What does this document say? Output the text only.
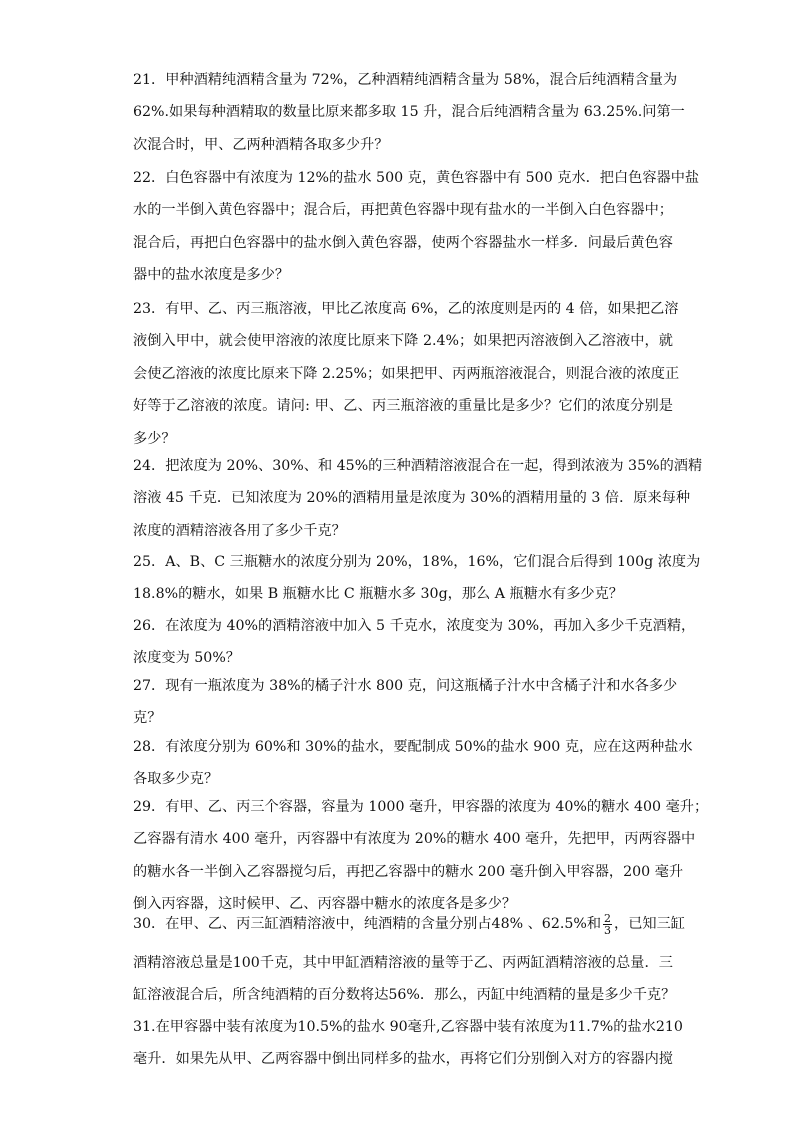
21．甲种酒精纯酒精含量为 72%，乙种酒精纯酒精含量为 58%，混合后纯酒精含量为
62%.如果每种酒精取的数量比原来都多取 15 升，混合后纯酒精含量为 63.25%.问第一
次混合时，甲、乙两种酒精各取多少升？
22．白色容器中有浓度为 12%的盐水 500 克，黄色容器中有 500 克水．把白色容器中盐
水的一半倒入黄色容器中；混合后，再把黄色容器中现有盐水的一半倒入白色容器中；
混合后，再把白色容器中的盐水倒入黄色容器，使两个容器盐水一样多．问最后黄色容
器中的盐水浓度是多少？
23．有甲、乙、丙三瓶溶液，甲比乙浓度高 6%，乙的浓度则是丙的 4 倍，如果把乙溶
液倒入甲中，就会使甲溶液的浓度比原来下降 2.4%；如果把丙溶液倒入乙溶液中，就
会使乙溶液的浓度比原来下降 2.25%；如果把甲、丙两瓶溶液混合，则混合液的浓度正
好等于乙溶液的浓度。请问: 甲、乙、丙三瓶溶液的重量比是多少？它们的浓度分别是
多少？
24．把浓度为 20%、30%、和 45%的三种酒精溶液混合在一起，得到浓液为 35%的酒精
溶液 45 千克．已知浓度为 20%的酒精用量是浓度为 30%的酒精用量的 3 倍．原来每种
浓度的酒精溶液各用了多少千克？
25．A、B、C 三瓶糖水的浓度分别为 20%，18%，16%，它们混合后得到 100g 浓度为
18.8%的糖水，如果 B 瓶糖水比 C 瓶糖水多 30g，那么 A 瓶糖水有多少克？
26．在浓度为 40%的酒精溶液中加入 5 千克水，浓度变为 30%，再加入多少千克酒精，
浓度变为 50%？
27．现有一瓶浓度为 38%的橘子汁水 800 克，问这瓶橘子汁水中含橘子汁和水各多少
克？
28．有浓度分别为 60%和 30%的盐水，要配制成 50%的盐水 900 克，应在这两种盐水
各取多少克？
29．有甲、乙、丙三个容器，容量为 1000 毫升，甲容器的浓度为 40%的糖水 400 毫升；
乙容器有清水 400 毫升，丙容器中有浓度为 20%的糖水 400 毫升，先把甲，丙两容器中
的糖水各一半倒入乙容器搅匀后，再把乙容器中的糖水 200 毫升倒入甲容器，200 毫升
倒入丙容器，这时候甲、乙、丙容器中糖水的浓度各是多少？
31.在甲容器中装有浓度为10.5%的盐水 90毫升,乙容器中装有浓度为11.7%的盐水210
毫升．如果先从甲、乙两容器中倒出同样多的盐水，再将它们分别倒入对方的容器内搅
30．在甲、乙、丙三缸酒精溶液中，纯酒精的含量分别占48% 、62.5%和 $\frac{2}{3}$ ，已知三缸
酒精溶液总量是100千克，其中甲缸酒精溶液的量等于乙、丙两缸酒精溶液的总量．三
缸溶液混合后，所含纯酒精的百分数将达56%．那么，丙缸中纯酒精的量是多少千克？
